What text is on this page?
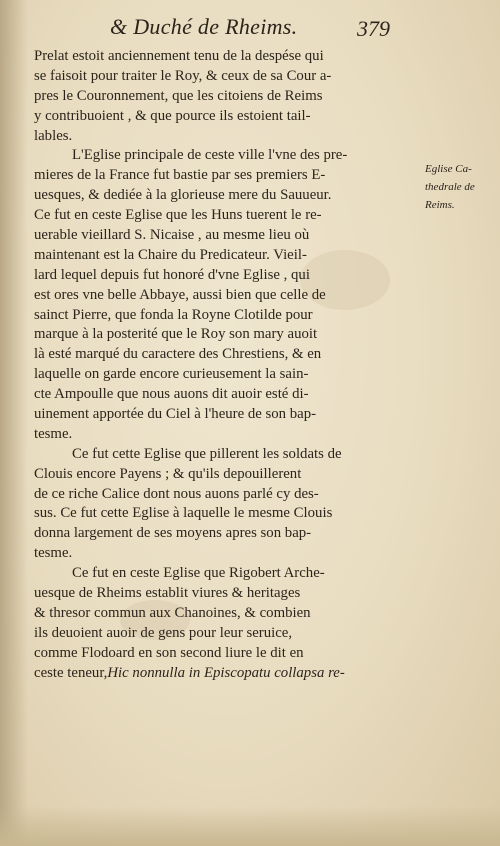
& Duché de Rheims.	379
Prelat estoit anciennement tenu de la despése qui
se faisoit pour traiter le Roy, & ceux de sa Cour a-
pres le Couronnement, que les citoiens de Reims
y contribuoient , & que pource ils estoient tail-
lables.
L'Eglise principale de ceste ville l'vne des pre-
mieres de la France fut bastie par ses premiers E-
uesques, & dediée à la glorieuse mere du Sauueur.
Ce fut en ceste Eglise que les Huns tuerent le re-
uerable vieillard S. Nicaise , au mesme lieu où
maintenant est la Chaire du Predicateur. Vieil-
lard lequel depuis fut honoré d'vne Eglise , qui
est ores vne belle Abbaye, aussi bien que celle de
sainct Pierre, que fonda la Royne Clotilde pour
marque à la posterité que le Roy son mary auoit
là esté marqué du caractere des Chrestiens, & en
laquelle on garde encore curieusement la sain-
cte Ampoulle que nous auons dit auoir esté di-
uinement apportée du Ciel à l'heure de son bap-
tesme.
Ce fut cette Eglise que pillerent les soldats de
Clouis encore Payens ; & qu'ils depouillerent
de ce riche Calice dont nous auons parlé cy des-
sus. Ce fut cette Eglise à laquelle le mesme Clouis
donna largement de ses moyens apres son bap-
tesme.
Ce fut en ceste Eglise que Rigobert Arche-
uesque de Rheims establit viures & heritages
& thresor commun aux Chanoines, & combien
ils deuoient auoir de gens pour leur seruice,
comme Flodoard en son second liure le dit en
ceste teneur,Hic nonnulla in Episcopatu collapsa re-
Eglise Ca-
thedrale de
Reims.
